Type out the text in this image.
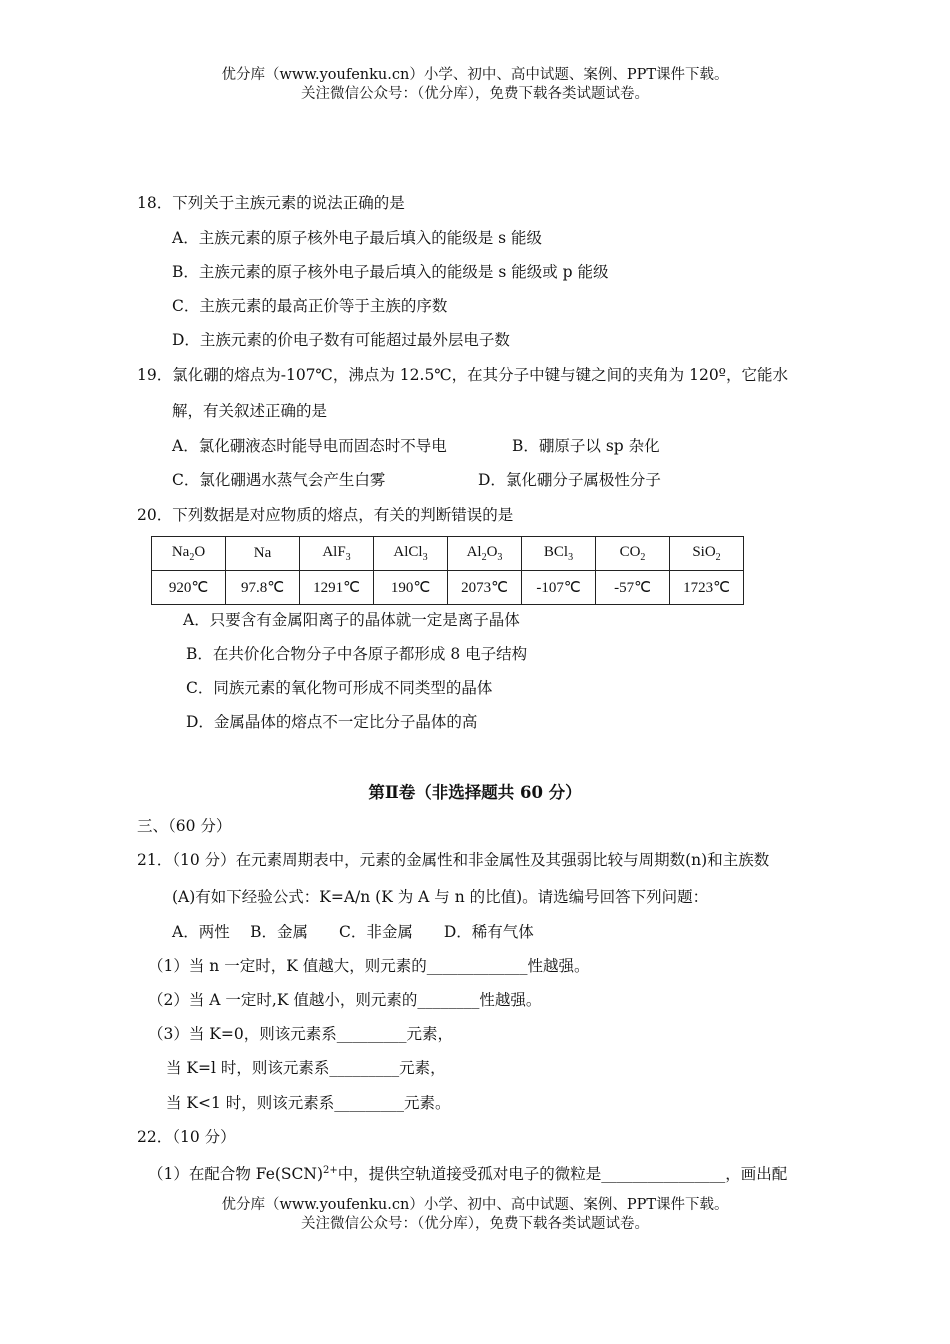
优分库（www.youfenku.cn）小学、初中、高中试题、案例、PPT课件下载。
关注微信公众号：（优分库），免费下载各类试题试卷。
18．下列关于主族元素的说法正确的是
A．主族元素的原子核外电子最后填入的能级是 s 能级
B．主族元素的原子核外电子最后填入的能级是 s 能级或 p 能级
C．主族元素的最高正价等于主族的序数
D．主族元素的价电子数有可能超过最外层电子数
19．氯化硼的熔点为-107℃，沸点为 12.5℃，在其分子中键与键之间的夹角为 120º，它能水
解，有关叙述正确的是
A．氯化硼液态时能导电而固态时不导电	B．硼原子以 sp 杂化
C．氯化硼遇水蒸气会产生白雾	D．氯化硼分子属极性分子
20．下列数据是对应物质的熔点，有关的判断错误的是
$Na_2O$	Na	AlF$_3$	AlCl$_3$	$Al_2O_3$	BCl$_3$	$CO_2$	SiO$_2$
920℃	97.8℃	1291℃	190℃	2073℃	-107℃	-57℃	1723℃
A．只要含有金属阳离子的晶体就一定是离子晶体
B．在共价化合物分子中各原子都形成 8 电子结构
C．同族元素的氧化物可形成不同类型的晶体
D．金属晶体的熔点不一定比分子晶体的高
第Ⅱ卷（非选择题共 60 分）
三、（60 分）
21．（10 分）在元素周期表中，元素的金属性和非金属性及其强弱比较与周期数(n)和主族数
(A)有如下经验公式：K=A/n (K 为 A 与 n 的比值)。请选编号回答下列问题：
A．两性　 B．金属　　C．非金属　　D．稀有气体
（1）当 n 一定时，K 值越大，则元素的_____________性越强。
（2）当 A 一定时,K 值越小，则元素的________性越强。
（3）当 K=0，则该元素系_________元素，
当 K=l 时，则该元素系_________元素，
当 K<1 时，则该元素系_________元素。
22．（10 分）
（1）在配合物 Fe(SCN)$^{2+}$中，提供空轨道接受孤对电子的微粒是________________，画出配
优分库（www.youfenku.cn）小学、初中、高中试题、案例、PPT课件下载。
关注微信公众号：（优分库），免费下载各类试题试卷。
